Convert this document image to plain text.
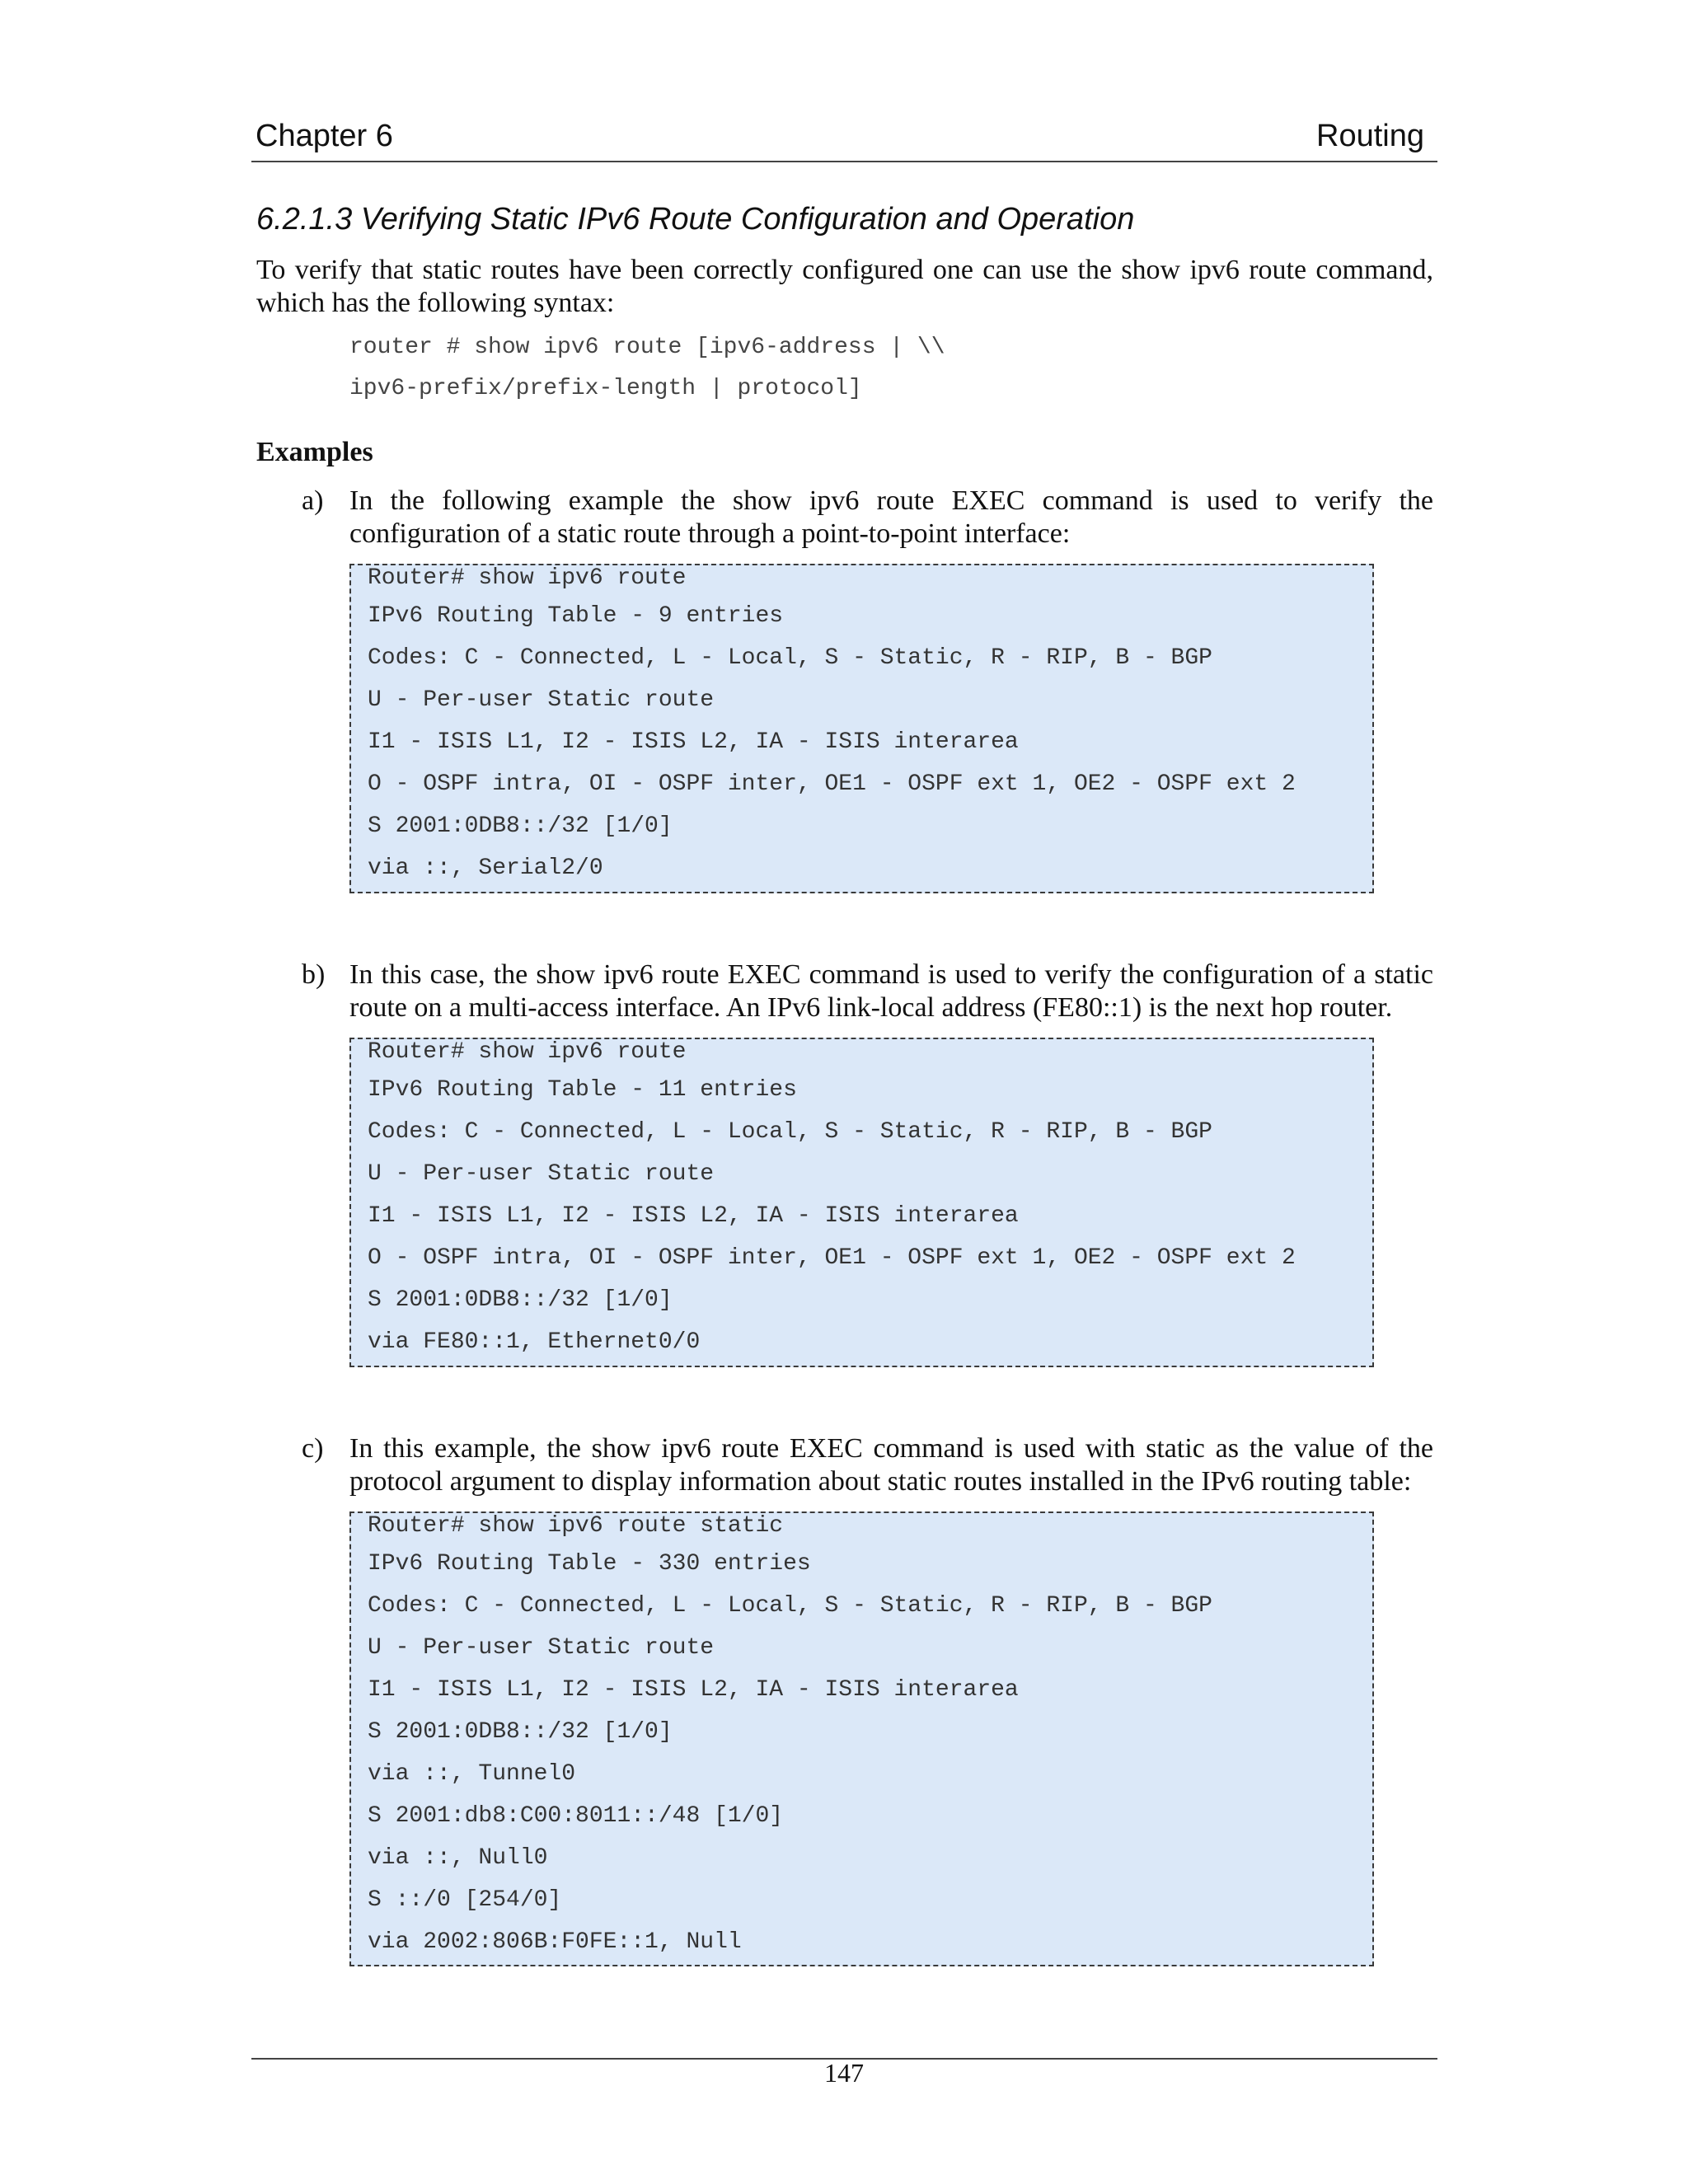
Chapter 6	Routing
6.2.1.3 Verifying Static IPv6 Route Configuration and Operation
To verify that static routes have been correctly configured one can use the show ipv6 route command,
which has the following syntax:
router # show ipv6 route [ipv6-address | \\
ipv6-prefix/prefix-length | protocol]
Examples
a) In the following example the show ipv6 route EXEC command is used to verify the
configuration of a static route through a point-to-point interface:
Router# show ipv6 route
IPv6 Routing Table - 9 entries
Codes: C - Connected, L - Local, S - Static, R - RIP, B - BGP
U - Per-user Static route
I1 - ISIS L1, I2 - ISIS L2, IA - ISIS interarea
O - OSPF intra, OI - OSPF inter, OE1 - OSPF ext 1, OE2 - OSPF ext 2
S 2001:0DB8::/32 [1/0]
via ::, Serial2/0
b) In this case, the show ipv6 route EXEC command is used to verify the configuration of a static
route on a multi-access interface. An IPv6 link-local address (FE80::1) is the next hop router.
Router# show ipv6 route
IPv6 Routing Table - 11 entries
Codes: C - Connected, L - Local, S - Static, R - RIP, B - BGP
U - Per-user Static route
I1 - ISIS L1, I2 - ISIS L2, IA - ISIS interarea
O - OSPF intra, OI - OSPF inter, OE1 - OSPF ext 1, OE2 - OSPF ext 2
S 2001:0DB8::/32 [1/0]
via FE80::1, Ethernet0/0
c) In this example, the show ipv6 route EXEC command is used with static as the value of the
protocol argument to display information about static routes installed in the IPv6 routing table:
Router# show ipv6 route static
IPv6 Routing Table - 330 entries
Codes: C - Connected, L - Local, S - Static, R - RIP, B - BGP
U - Per-user Static route
I1 - ISIS L1, I2 - ISIS L2, IA - ISIS interarea
S 2001:0DB8::/32 [1/0]
via ::, Tunnel0
S 2001:db8:C00:8011::/48 [1/0]
via ::, Null0
S ::/0 [254/0]
via 2002:806B:F0FE::1, Null
147
